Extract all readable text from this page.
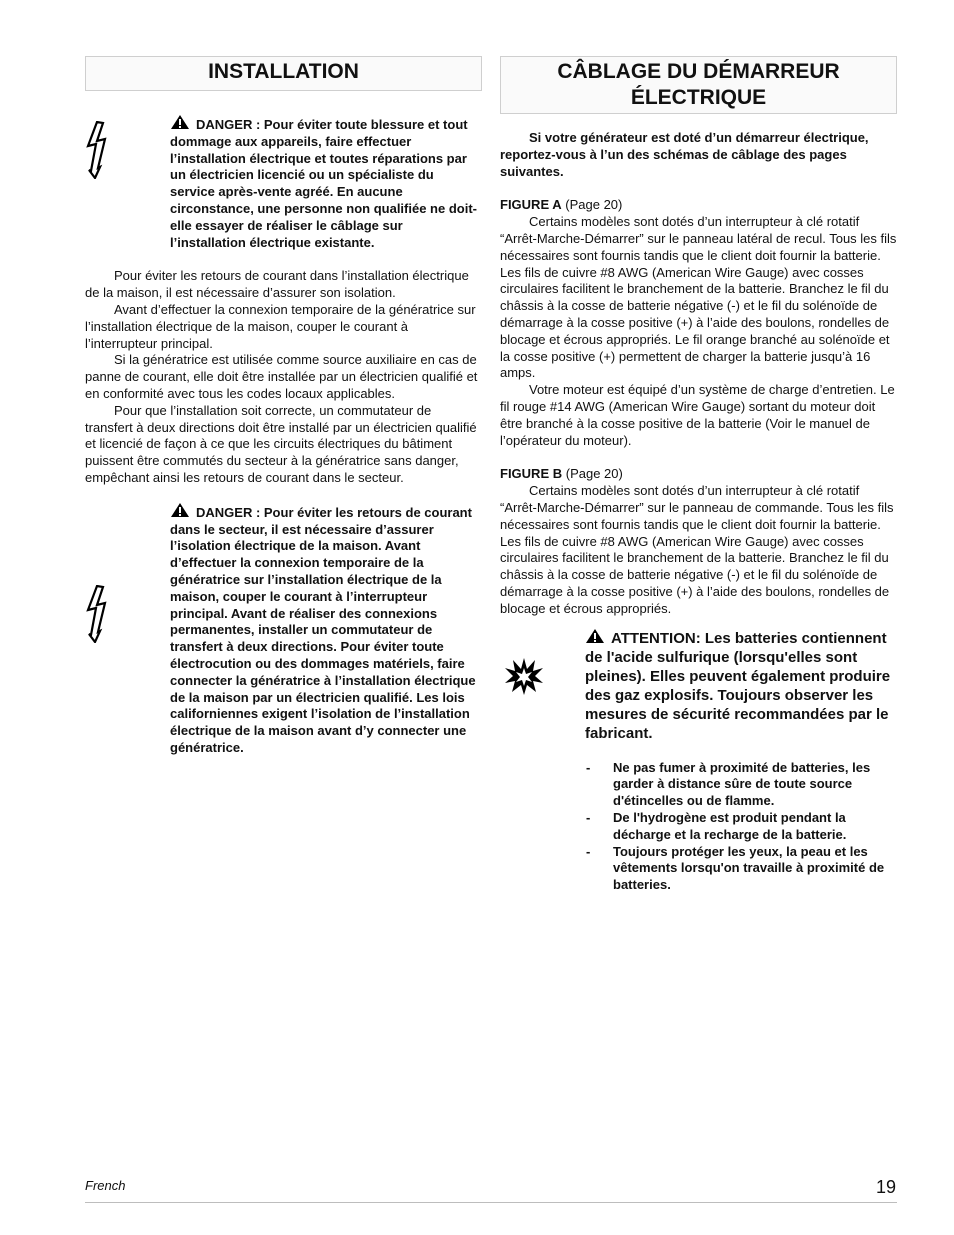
INSTALLATION
DANGER : Pour éviter toute blessure et tout dommage aux appareils, faire effectuer l’installation électrique et toutes réparations par un électricien licencié ou un spécialiste du service après-vente agréé. En aucune circonstance, une personne non qualifiée ne doit-elle essayer de réaliser le câblage sur l’installation électrique existante.

Pour éviter les retours de courant dans l’installation électrique de la maison, il est nécessaire d’assurer son isolation.

Avant d’effectuer la connexion temporaire de la génératrice sur l’installation électrique de la maison, couper le courant à l’interrupteur principal.

Si la génératrice est utilisée comme source auxiliaire en cas de panne de courant, elle doit être installée par un électricien qualifié et en conformité avec tous les codes locaux applicables.

Pour que l’installation soit correcte, un commutateur de transfert à deux directions doit être installé par un électricien qualifié et licencié de façon à ce que les circuits électriques du bâtiment puissent être commutés du secteur à la génératrice sans danger, empêchant ainsi les retours de courant dans le secteur.

DANGER : Pour éviter les retours de courant dans le secteur, il est nécessaire d’assurer l’isolation électrique de la maison. Avant d’effectuer la connexion temporaire de la génératrice sur l’installation électrique de la maison, couper le courant à l’interrupteur principal. Avant de réaliser des connexions permanentes, installer un commutateur de transfert à deux directions. Pour éviter toute électrocution ou des dommages matériels, faire connecter la génératrice à l’installation électrique de la maison par un électricien qualifié. Les lois californiennes exigent l’isolation de l’installation électrique de la maison avant d’y connecter une génératrice.
CÂBLAGE DU DÉMARREUR ÉLECTRIQUE

Si votre générateur est doté d’un démarreur électrique, reportez-vous à l’un des schémas de câblage des pages suivantes.

FIGURE A (Page 20)

Certains modèles sont dotés d’un interrupteur à clé rotatif “Arrêt-Marche-Démarrer” sur le panneau latéral de recul. Tous les fils nécessaires sont fournis tandis que le client doit fournir la batterie. Les fils de cuivre #8 AWG (American Wire Gauge) avec cosses circulaires facilitent le branchement de la batterie. Branchez le fil du châssis à la cosse de batterie négative (-) et le fil du solénoïde de démarrage à la cosse positive (+) à l’aide des boulons, rondelles de blocage et écrous appropriés. Le fil orange branché au solénoïde et la cosse positive (+) permettent de charger la batterie jusqu’à 16 amps.

Votre moteur est équipé d’un système de charge d’entretien. Le fil rouge #14 AWG (American Wire Gauge) sortant du moteur doit être branché à la cosse positive de la batterie (Voir le manuel de l’opérateur du moteur).

FIGURE B (Page 20)

Certains modèles sont dotés d’un interrupteur à clé rotatif “Arrêt-Marche-Démarrer” sur le panneau de commande. Tous les fils nécessaires sont fournis tandis que le client doit fournir la batterie. Les fils de cuivre #8 AWG (American Wire Gauge) avec cosses circulaires facilitent le branchement de la batterie. Branchez le fil du châssis à la cosse de batterie négative (-) et le fil du solénoïde de démarrage à la cosse positive (+) à l’aide des boulons, rondelles de blocage et écrous appropriés.

ATTENTION: Les batteries contiennent de l'acide sulfurique (lorsqu'elles sont pleines). Elles peuvent également produire des gaz explosifs. Toujours observer les mesures de sécurité recommandées par le fabricant.
- Ne pas fumer à proximité de batteries, les garder à distance sûre de toute source d'étincelles ou de flamme.
- De l'hydrogène est produit pendant la décharge et la recharge de la batterie.
- Toujours protéger les yeux, la peau et les vêtements lorsqu'on travaille à proximité de batteries.
French	19
